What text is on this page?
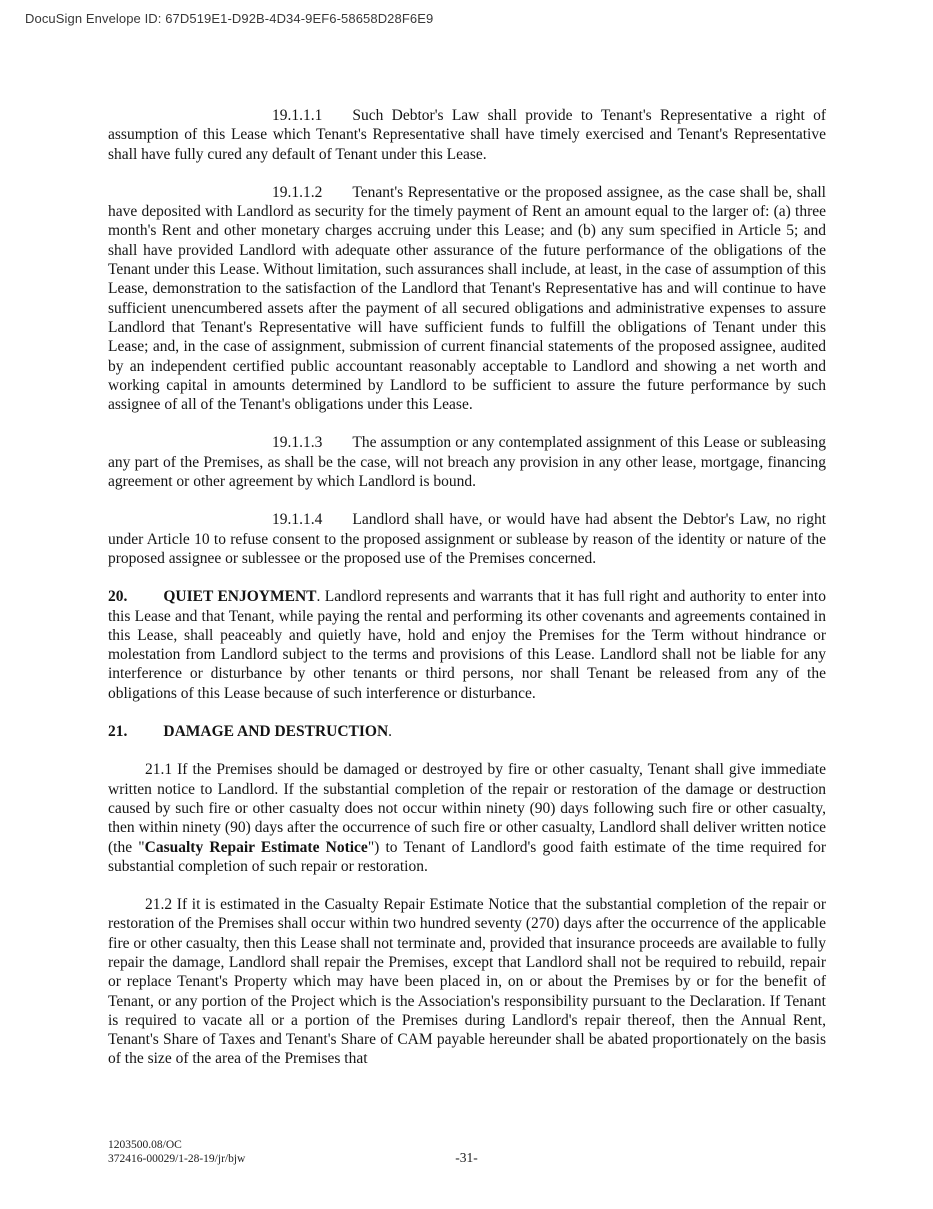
DocuSign Envelope ID: 67D519E1-D92B-4D34-9EF6-58658D28F6E9

19.1.1.1 Such Debtor's Law shall provide to Tenant's Representative a right of assumption of this Lease which Tenant's Representative shall have timely exercised and Tenant's Representative shall have fully cured any default of Tenant under this Lease.

19.1.1.2 Tenant's Representative or the proposed assignee, as the case shall be, shall have deposited with Landlord as security for the timely payment of Rent an amount equal to the larger of: (a) three month's Rent and other monetary charges accruing under this Lease; and (b) any sum specified in Article 5; and shall have provided Landlord with adequate other assurance of the future performance of the obligations of the Tenant under this Lease. Without limitation, such assurances shall include, at least, in the case of assumption of this Lease, demonstration to the satisfaction of the Landlord that Tenant's Representative has and will continue to have sufficient unencumbered assets after the payment of all secured obligations and administrative expenses to assure Landlord that Tenant's Representative will have sufficient funds to fulfill the obligations of Tenant under this Lease; and, in the case of assignment, submission of current financial statements of the proposed assignee, audited by an independent certified public accountant reasonably acceptable to Landlord and showing a net worth and working capital in amounts determined by Landlord to be sufficient to assure the future performance by such assignee of all of the Tenant's obligations under this Lease.

19.1.1.3 The assumption or any contemplated assignment of this Lease or subleasing any part of the Premises, as shall be the case, will not breach any provision in any other lease, mortgage, financing agreement or other agreement by which Landlord is bound.

19.1.1.4 Landlord shall have, or would have had absent the Debtor's Law, no right under Article 10 to refuse consent to the proposed assignment or sublease by reason of the identity or nature of the proposed assignee or sublessee or the proposed use of the Premises concerned.

20. QUIET ENJOYMENT. Landlord represents and warrants that it has full right and authority to enter into this Lease and that Tenant, while paying the rental and performing its other covenants and agreements contained in this Lease, shall peaceably and quietly have, hold and enjoy the Premises for the Term without hindrance or molestation from Landlord subject to the terms and provisions of this Lease. Landlord shall not be liable for any interference or disturbance by other tenants or third persons, nor shall Tenant be released from any of the obligations of this Lease because of such interference or disturbance.

21. DAMAGE AND DESTRUCTION.

21.1 If the Premises should be damaged or destroyed by fire or other casualty, Tenant shall give immediate written notice to Landlord. If the substantial completion of the repair or restoration of the damage or destruction caused by such fire or other casualty does not occur within ninety (90) days following such fire or other casualty, then within ninety (90) days after the occurrence of such fire or other casualty, Landlord shall deliver written notice (the "Casualty Repair Estimate Notice") to Tenant of Landlord's good faith estimate of the time required for substantial completion of such repair or restoration.

21.2 If it is estimated in the Casualty Repair Estimate Notice that the substantial completion of the repair or restoration of the Premises shall occur within two hundred seventy (270) days after the occurrence of the applicable fire or other casualty, then this Lease shall not terminate and, provided that insurance proceeds are available to fully repair the damage, Landlord shall repair the Premises, except that Landlord shall not be required to rebuild, repair or replace Tenant's Property which may have been placed in, on or about the Premises by or for the benefit of Tenant, or any portion of the Project which is the Association's responsibility pursuant to the Declaration. If Tenant is required to vacate all or a portion of the Premises during Landlord's repair thereof, then the Annual Rent, Tenant's Share of Taxes and Tenant's Share of CAM payable hereunder shall be abated proportionately on the basis of the size of the area of the Premises that

1203500.08/OC
372416-00029/1-28-19/jr/bjw	-31-
